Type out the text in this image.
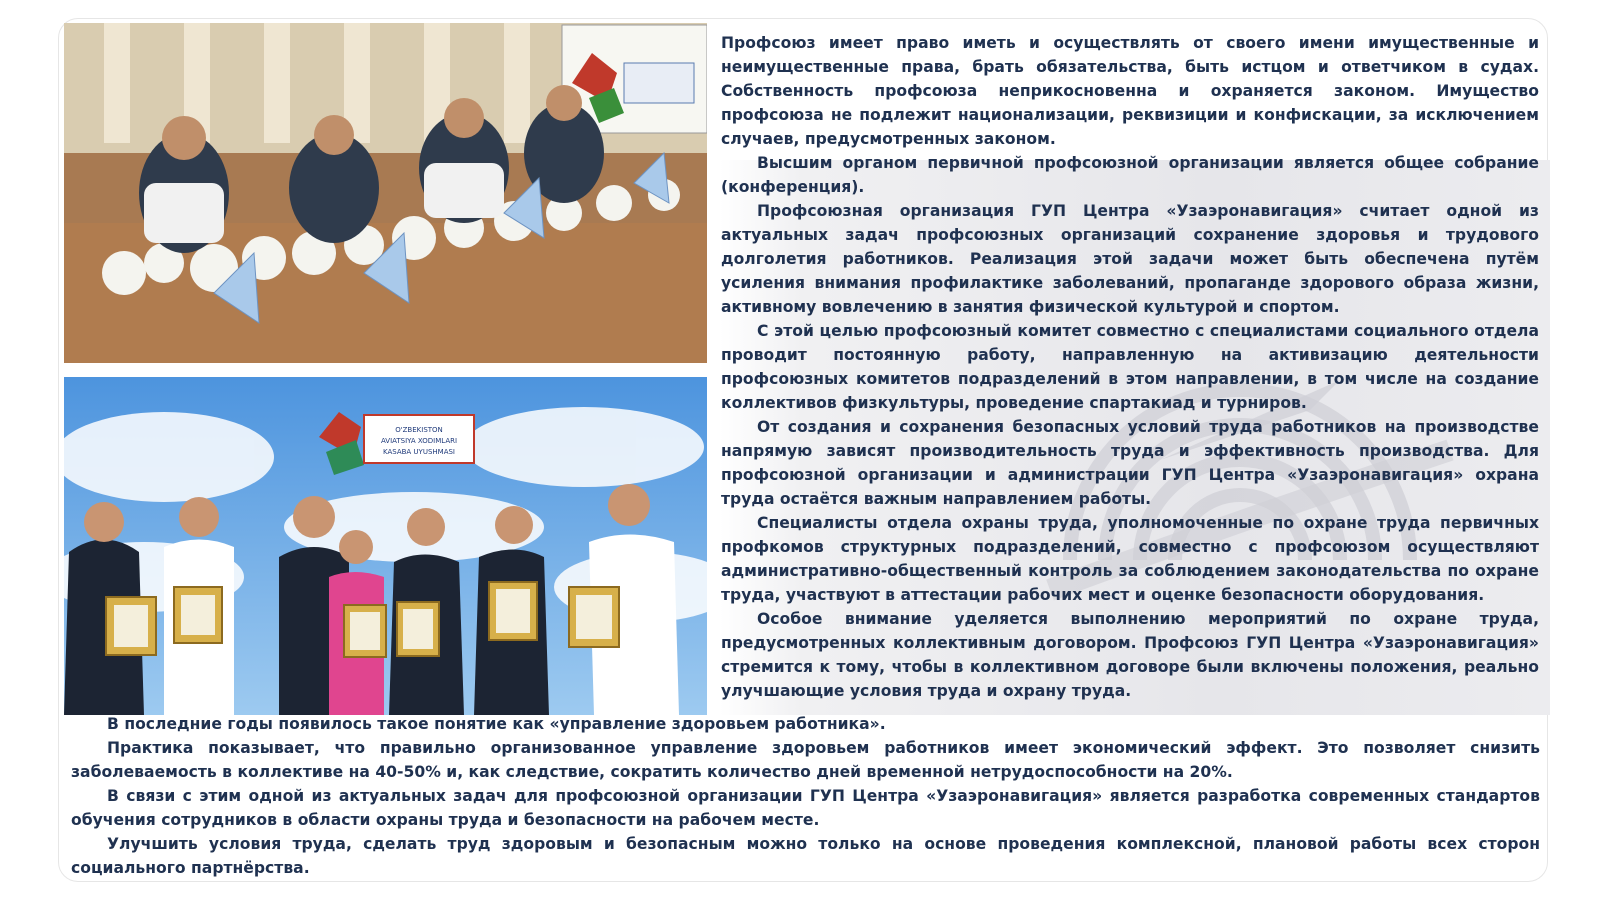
O'ZBEKISTON
AVIATSIYA XODIMLARI
KASABA UYUSHMASI

Профсоюз имеет право иметь и осуществлять от своего имени имущественные и неимущественные права, брать обязательства, быть истцом и ответчиком в судах. Собственность профсоюза неприкосновенна и охраняется законом. Имущество профсоюза не подлежит национализации, реквизиции и конфискации, за исключением случаев, предусмотренных законом.

Высшим органом первичной профсоюзной организации является общее собрание (конференция).

Профсоюзная организация ГУП Центра «Узаэронавигация» считает одной из актуальных задач профсоюзных организаций сохранение здоровья и трудового долголетия работников. Реализация этой задачи может быть обеспечена путём усиления внимания профилактике заболеваний, пропаганде здорового образа жизни, активному вовлечению в занятия физической культурой и спортом.

С этой целью профсоюзный комитет совместно с специалистами социального отдела проводит постоянную работу, направленную на активизацию деятельности профсоюзных комитетов подразделений в этом направлении, в том числе на создание коллективов физкультуры, проведение спартакиад и турниров.

От создания и сохранения безопасных условий труда работников на производстве напрямую зависят производительность труда и эффективность производства. Для профсоюзной организации и администрации ГУП Центра «Узаэронавигация» охрана труда остаётся важным направлением работы.

Специалисты отдела охраны труда, уполномоченные по охране труда первичных профкомов структурных подразделений, совместно с профсоюзом осуществляют административно-общественный контроль за соблюдением законодательства по охране труда, участвуют в аттестации рабочих мест и оценке безопасности оборудования.

Особое внимание уделяется выполнению мероприятий по охране труда, предусмотренных коллективным договором. Профсоюз ГУП Центра «Узаэронавигация» стремится к тому, чтобы в коллективном договоре были включены положения, реально улучшающие условия труда и охрану труда.

В последние годы появилось такое понятие как «управление здоровьем работника».

Практика показывает, что правильно организованное управление здоровьем работников имеет экономический эффект. Это позволяет снизить заболеваемость в коллективе на 40-50% и, как следствие, сократить количество дней временной нетрудоспособности на 20%.

В связи с этим одной из актуальных задач для профсоюзной организации ГУП Центра «Узаэронавигация» является разработка современных стандартов обучения сотрудников в области охраны труда и безопасности на рабочем месте.

Улучшить условия труда, сделать труд здоровым и безопасным можно только на основе проведения комплексной, плановой работы всех сторон социального партнёрства.
